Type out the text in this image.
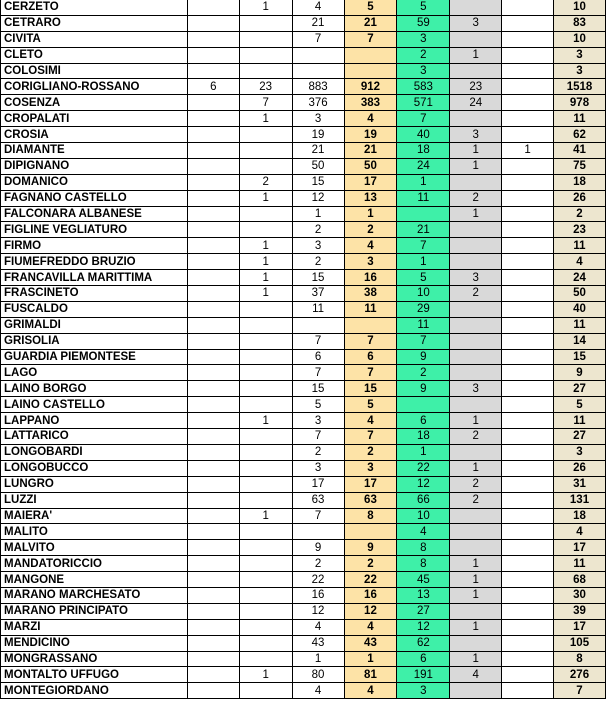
CERZETO		1	4	5	5			10
CETRARO			21	21	59	3		83
CIVITA			7	7	3			10
CLETO					2	1		3
COLOSIMI					3			3
CORIGLIANO-ROSSANO	6	23	883	912	583	23		1518
COSENZA		7	376	383	571	24		978
CROPALATI		1	3	4	7			11
CROSIA			19	19	40	3		62
DIAMANTE			21	21	18	1	1	41
DIPIGNANO			50	50	24	1		75
DOMANICO		2	15	17	1			18
FAGNANO CASTELLO		1	12	13	11	2		26
FALCONARA ALBANESE			1	1		1		2
FIGLINE VEGLIATURO			2	2	21			23
FIRMO		1	3	4	7			11
FIUMEFREDDO BRUZIO		1	2	3	1			4
FRANCAVILLA MARITTIMA		1	15	16	5	3		24
FRASCINETO		1	37	38	10	2		50
FUSCALDO			11	11	29			40
GRIMALDI					11			11
GRISOLIA			7	7	7			14
GUARDIA PIEMONTESE			6	6	9			15
LAGO			7	7	2			9
LAINO BORGO			15	15	9	3		27
LAINO CASTELLO			5	5				5
LAPPANO		1	3	4	6	1		11
LATTARICO			7	7	18	2		27
LONGOBARDI			2	2	1			3
LONGOBUCCO			3	3	22	1		26
LUNGRO			17	17	12	2		31
LUZZI			63	63	66	2		131
MAIERA'		1	7	8	10			18
MALITO					4			4
MALVITO			9	9	8			17
MANDATORICCIO			2	2	8	1		11
MANGONE			22	22	45	1		68
MARANO MARCHESATO			16	16	13	1		30
MARANO PRINCIPATO			12	12	27			39
MARZI			4	4	12	1		17
MENDICINO			43	43	62			105
MONGRASSANO			1	1	6	1		8
MONTALTO UFFUGO		1	80	81	191	4		276
MONTEGIORDANO			4	4	3			7
